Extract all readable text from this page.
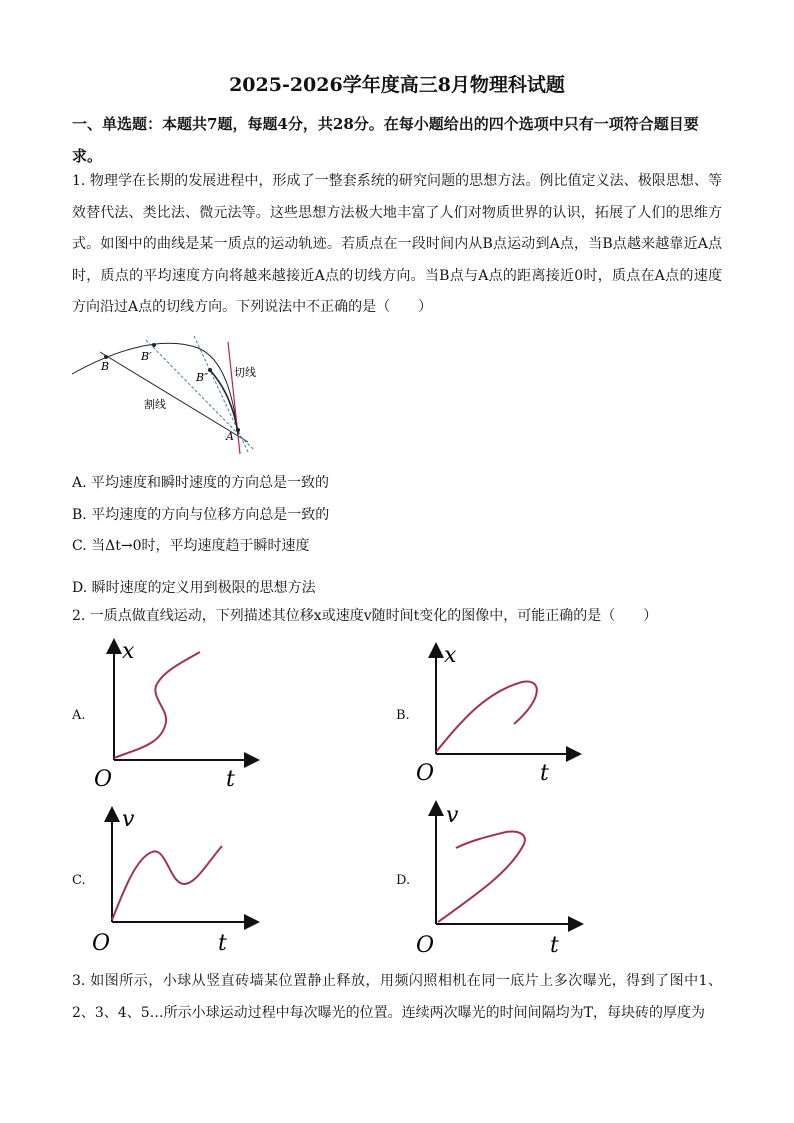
2025-2026学年度高三8月物理科试题
一、单选题：本题共7题，每题4分，共28分。在每小题给出的四个选项中只有一项符合题目要求。

1. 物理学在长期的发展进程中，形成了一整套系统的研究问题的思想方法。例比值定义法、极限思想、等效替代法、类比法、微元法等。这些思想方法极大地丰富了人们对物质世界的认识，拓展了人们的思维方式。如图中的曲线是某一质点的运动轨迹。若质点在一段时间内从B点运动到A点，当B点越来越靠近A点时，质点的平均速度方向将越来越接近A点的切线方向。当B点与A点的距离接近0时，质点在A点的速度方向沿过A点的切线方向。下列说法中不正确的是（　　）

B
B′
B″
A
切线
割线
A. 平均速度和瞬时速度的方向总是一致的
B. 平均速度的方向与位移方向总是一致的
C. 当Δt→0时，平均速度趋于瞬时速度
D. 瞬时速度的定义用到极限的思想方法

2. 一质点做直线运动，下列描述其位移x或速度v随时间t变化的图像中，可能正确的是（　　）

A.
x
t
O
B.
x
t
O
C.
v
t
O
D.
v
t
O

3. 如图所示，小球从竖直砖墙某位置静止释放，用频闪照相机在同一底片上多次曝光，得到了图中1、2、3、4、5…所示小球运动过程中每次曝光的位置。连续两次曝光的时间间隔均为T，每块砖的厚度为
